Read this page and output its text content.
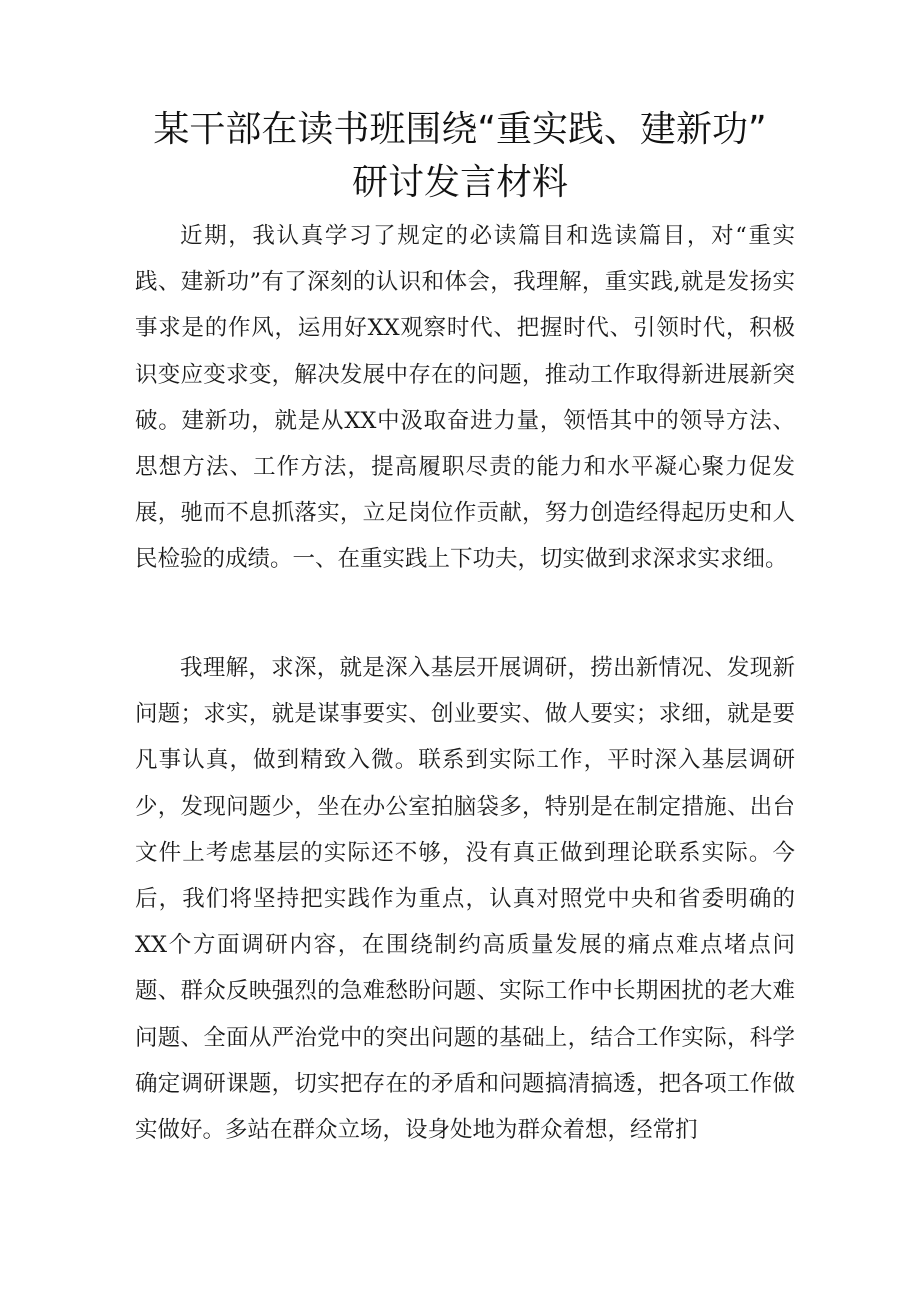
某干部在读书班围绕“重实践、建新功”
研讨发言材料

近期，我认真学习了规定的必读篇目和选读篇目，对“重实践、建新功”有了深刻的认识和体会，我理解，重实践,就是发扬实事求是的作风，运用好XX观察时代、把握时代、引领时代，积极识变应变求变，解决发展中存在的问题，推动工作取得新进展新突破。建新功，就是从XX中汲取奋进力量，领悟其中的领导方法、思想方法、工作方法，提高履职尽责的能力和水平凝心聚力促发展，驰而不息抓落实，立足岗位作贡献，努力创造经得起历史和人民检验的成绩。一、在重实践上下功夫，切实做到求深求实求细。

我理解，求深，就是深入基层开展调研，捞出新情况、发现新问题；求实，就是谋事要实、创业要实、做人要实；求细，就是要凡事认真，做到精致入微。联系到实际工作，平时深入基层调研少，发现问题少，坐在办公室拍脑袋多，特别是在制定措施、出台文件上考虑基层的实际还不够，没有真正做到理论联系实际。今后，我们将坚持把实践作为重点，认真对照党中央和省委明确的XX个方面调研内容，在围绕制约高质量发展的痛点难点堵点问题、群众反映强烈的急难愁盼问题、实际工作中长期困扰的老大难问题、全面从严治党中的突出问题的基础上，结合工作实际，科学确定调研课题，切实把存在的矛盾和问题搞清搞透，把各项工作做实做好。多站在群众立场，设身处地为群众着想，经常扪
